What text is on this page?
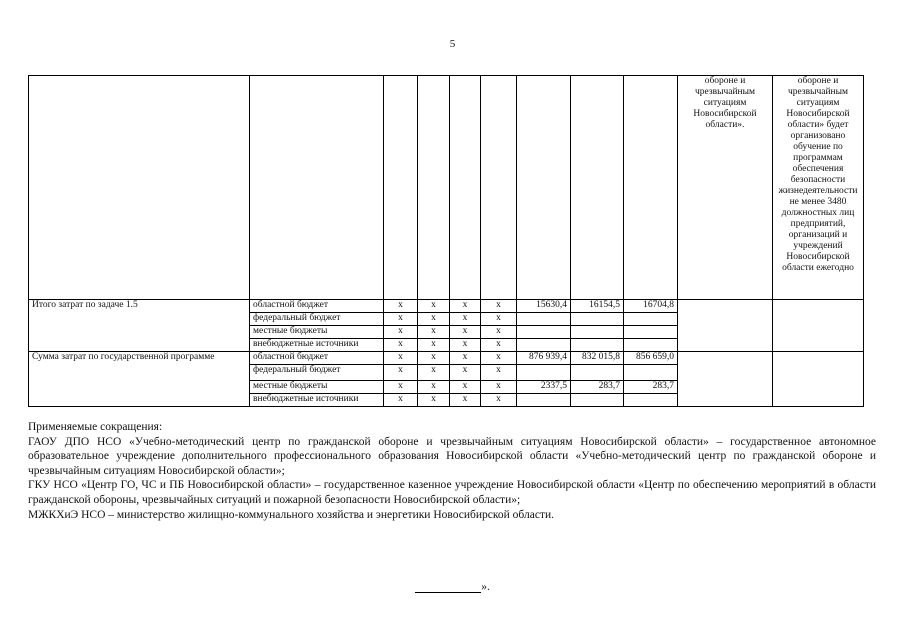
5
									обороне и чрезвычайным ситуациям Новосибирской области».	обороне и чрезвычайным ситуациям Новосибирской области» будет организовано обучение по программам обеспечения безопасности жизнедеятельности не менее 3480 должностных лиц предприятий, организаций и учреждений Новосибирской области ежегодно
Итого затрат по задаче 1.5	областной бюджет	x	x	x	x	15630,4	16154,5	16704,8		
	федеральный бюджет	x	x	x	x					
	местные бюджеты	x	x	x	x					
	внебюджетные источники	x	x	x	x					
Сумма затрат по государственной программе	областной бюджет	x	x	x	x	876 939,4	832 015,8	856 659,0		
	федеральный бюджет	x	x	x	x					
	местные бюджеты	x	x	x	x	2337,5	283,7	283,7		
	внебюджетные источники	x	x	x	x					

Применяемые сокращения:

ГАОУ ДПО НСО «Учебно-методический центр по гражданской обороне и чрезвычайным ситуациям Новосибирской области» – государственное автономное образовательное учреждение дополнительного профессионального образования Новосибирской области «Учебно-методический центр по гражданской обороне и чрезвычайным ситуациям Новосибирской области»;

ГКУ НСО «Центр ГО, ЧС и ПБ Новосибирской области» – государственное казенное учреждение Новосибирской области «Центр по обеспечению мероприятий в области гражданской обороны, чрезвычайных ситуаций и пожарной безопасности Новосибирской области»;

МЖКХиЭ НСО – министерство жилищно-коммунального хозяйства и энергетики Новосибирской области.

».
